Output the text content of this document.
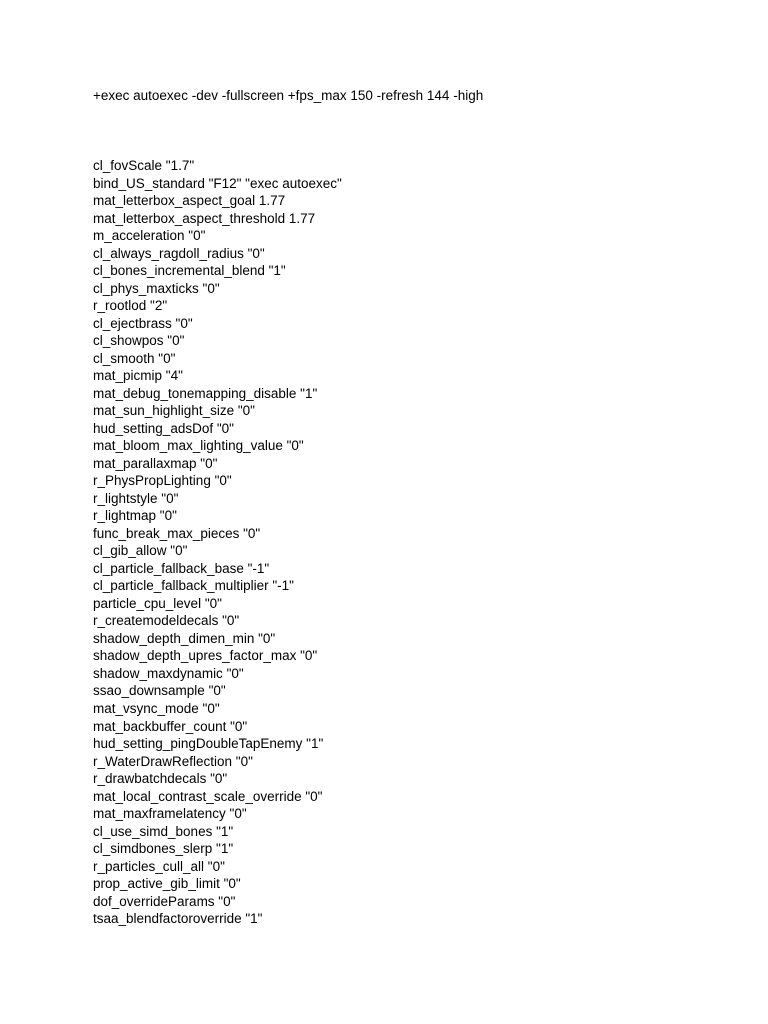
+exec autoexec -dev -fullscreen +fps_max 150 -refresh 144 -high

cl_fovScale "1.7"
bind_US_standard "F12" "exec autoexec"
mat_letterbox_aspect_goal 1.77
mat_letterbox_aspect_threshold 1.77
m_acceleration "0"
cl_always_ragdoll_radius "0"
cl_bones_incremental_blend "1"
cl_phys_maxticks "0"
r_rootlod "2"
cl_ejectbrass "0"
cl_showpos "0"
cl_smooth "0"
mat_picmip "4"
mat_debug_tonemapping_disable "1"
mat_sun_highlight_size "0"
hud_setting_adsDof "0"
mat_bloom_max_lighting_value "0"
mat_parallaxmap "0"
r_PhysPropLighting "0"
r_lightstyle "0"
r_lightmap "0"
func_break_max_pieces "0"
cl_gib_allow "0"
cl_particle_fallback_base "-1"
cl_particle_fallback_multiplier "-1"
particle_cpu_level "0"
r_createmodeldecals "0"
shadow_depth_dimen_min "0"
shadow_depth_upres_factor_max "0"
shadow_maxdynamic "0"
ssao_downsample "0"
mat_vsync_mode "0"
mat_backbuffer_count "0"
hud_setting_pingDoubleTapEnemy "1"
r_WaterDrawReflection "0"
r_drawbatchdecals "0"
mat_local_contrast_scale_override "0"
mat_maxframelatency "0"
cl_use_simd_bones "1"
cl_simdbones_slerp "1"
r_particles_cull_all "0"
prop_active_gib_limit "0"
dof_overrideParams "0"
tsaa_blendfactoroverride "1"
